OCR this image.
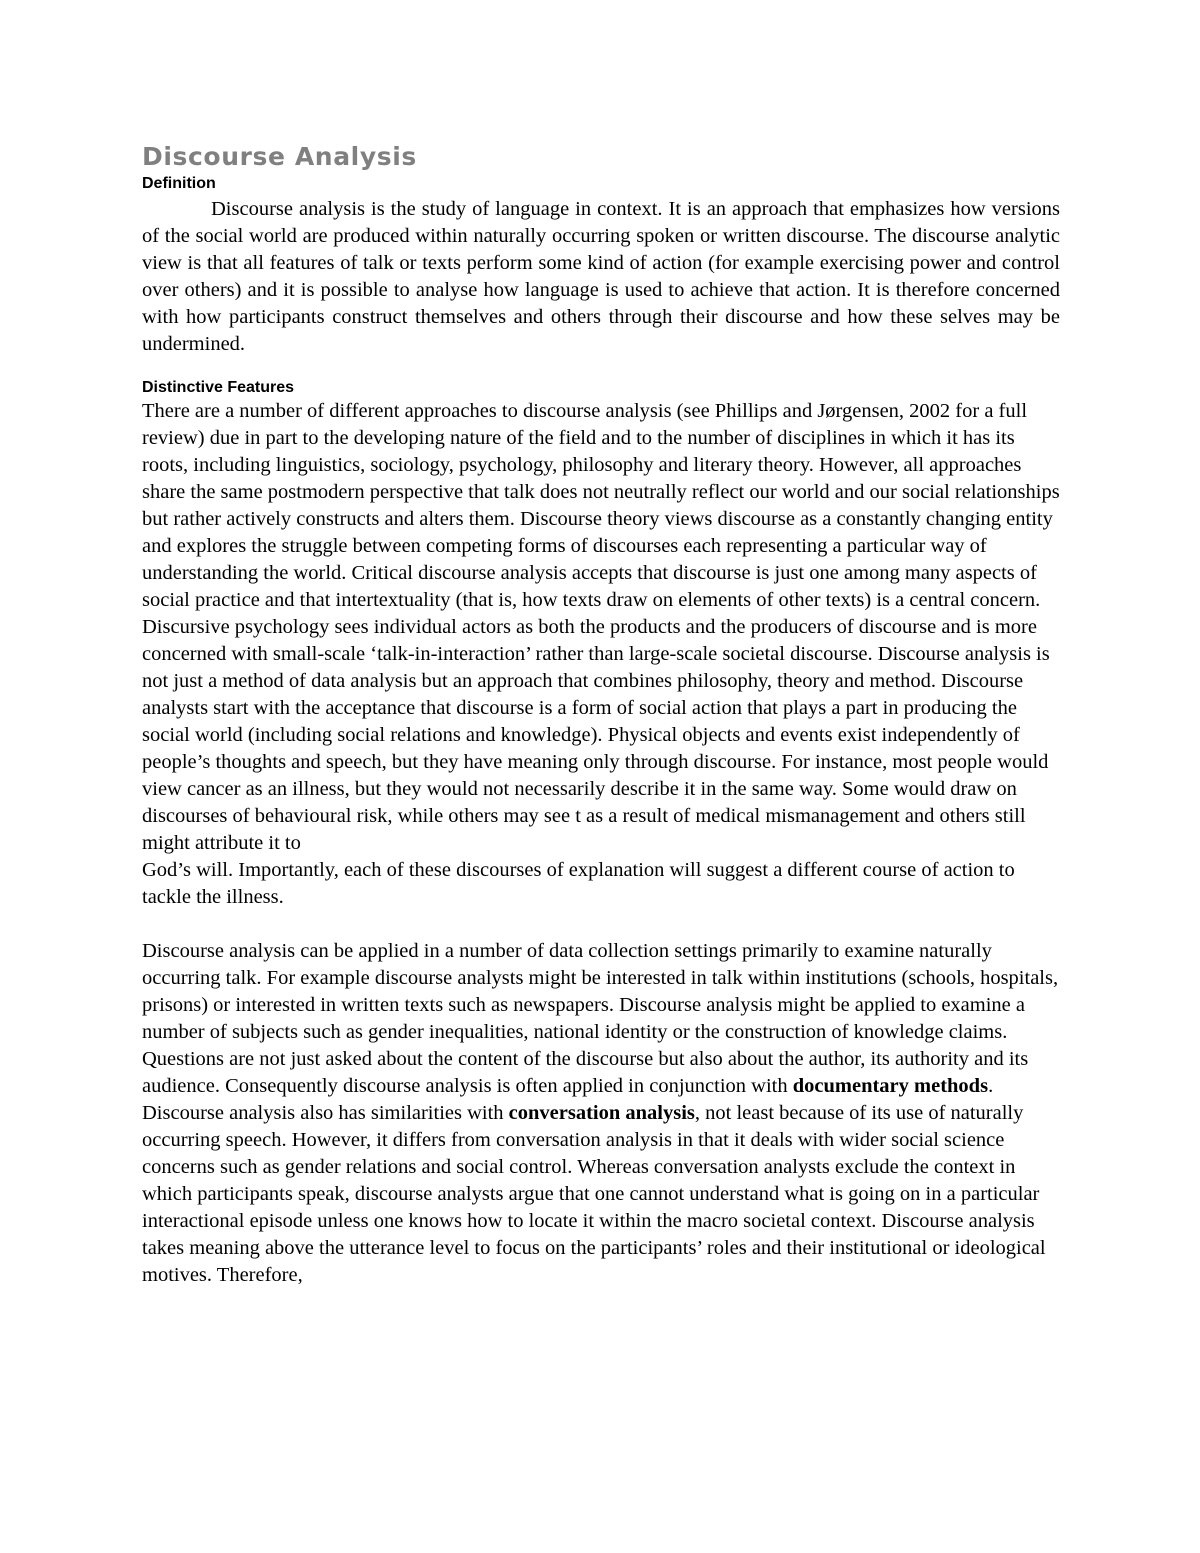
Discourse Analysis
Definition

Discourse analysis is the study of language in context. It is an approach that emphasizes how versions of the social world are produced within naturally occurring spoken or written discourse. The discourse analytic view is that all features of talk or texts perform some kind of action (for example exercising power and control over others) and it is possible to analyse how language is used to achieve that action. It is therefore concerned with how participants construct themselves and others through their discourse and how these selves may be undermined.

Distinctive Features

There are a number of different approaches to discourse analysis (see Phillips and Jørgensen, 2002 for a full review) due in part to the developing nature of the field and to the number of disciplines in which it has its roots, including linguistics, sociology, psychology, philosophy and literary theory. However, all approaches share the same postmodern perspective that talk does not neutrally reflect our world and our social relationships but rather actively constructs and alters them. Discourse theory views discourse as a constantly changing entity and explores the struggle between competing forms of discourses each representing a particular way of understanding the world. Critical discourse analysis accepts that discourse is just one among many aspects of social practice and that intertextuality (that is, how texts draw on elements of other texts) is a central concern. Discursive psychology sees individual actors as both the products and the producers of discourse and is more concerned with small-scale ‘talk-in-interaction’ rather than large-scale societal discourse. Discourse analysis is not just a method of data analysis but an approach that combines philosophy, theory and method. Discourse analysts start with the acceptance that discourse is a form of social action that plays a part in producing the social world (including social relations and knowledge). Physical objects and events exist independently of people’s thoughts and speech, but they have meaning only through discourse. For instance, most people would view cancer as an illness, but they would not necessarily describe it in the same way. Some would draw on discourses of behavioural risk, while others may see t as a result of medical mismanagement and others still might attribute it to

God’s will. Importantly, each of these discourses of explanation will suggest a different course of action to tackle the illness.

Discourse analysis can be applied in a number of data collection settings primarily to examine naturally occurring talk. For example discourse analysts might be interested in talk within institutions (schools, hospitals, prisons) or interested in written texts such as newspapers. Discourse analysis might be applied to examine a number of subjects such as gender inequalities, national identity or the construction of knowledge claims. Questions are not just asked about the content of the discourse but also about the author, its authority and its audience. Consequently discourse analysis is often applied in conjunction with documentary methods. Discourse analysis also has similarities with conversation analysis, not least because of its use of naturally occurring speech. However, it differs from conversation analysis in that it deals with wider social science concerns such as gender relations and social control. Whereas conversation analysts exclude the context in which participants speak, discourse analysts argue that one cannot understand what is going on in a particular interactional episode unless one knows how to locate it within the macro societal context. Discourse analysis takes meaning above the utterance level to focus on the participants’ roles and their institutional or ideological motives. Therefore,
